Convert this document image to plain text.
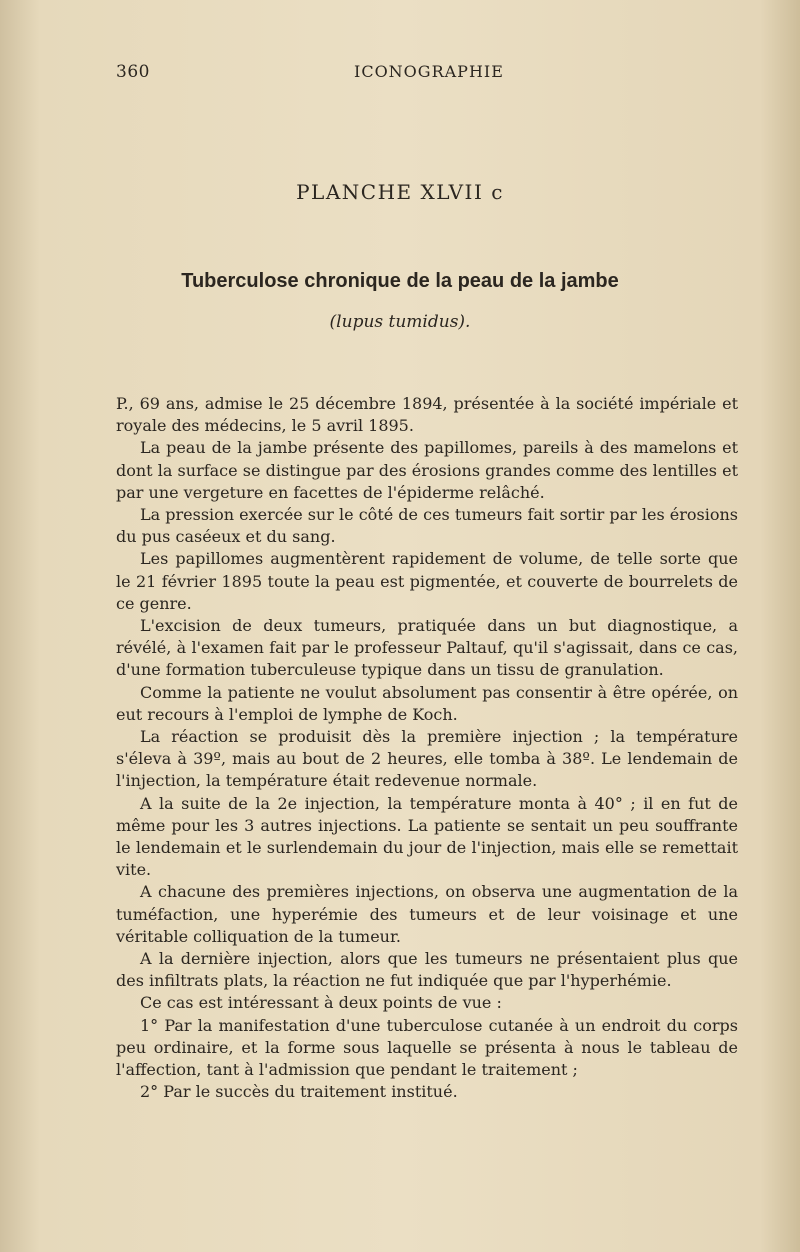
360	ICONOGRAPHIE
PLANCHE XLVII c
Tuberculose chronique de la peau de la jambe
(lupus tumidus).

P., 69 ans, admise le 25 décembre 1894, présentée à la société impériale et royale des médecins, le 5 avril 1895.

La peau de la jambe présente des papillomes, pareils à des mamelons et dont la surface se distingue par des érosions grandes comme des lentilles et par une vergeture en facettes de l'épiderme relâché.

La pression exercée sur le côté de ces tumeurs fait sortir par les érosions du pus caséeux et du sang.

Les papillomes augmentèrent rapidement de volume, de telle sorte que le 21 février 1895 toute la peau est pigmentée, et couverte de bourrelets de ce genre.

L'excision de deux tumeurs, pratiquée dans un but diagnostique, a révélé, à l'examen fait par le professeur Paltauf, qu'il s'agissait, dans ce cas, d'une formation tuberculeuse typique dans un tissu de granulation.

Comme la patiente ne voulut absolument pas consentir à être opérée, on eut recours à l'emploi de lymphe de Koch.

La réaction se produisit dès la première injection ; la température s'éleva à 39º, mais au bout de 2 heures, elle tomba à 38º. Le lendemain de l'injection, la température était redevenue normale.

A la suite de la 2e injection, la température monta à 40° ; il en fut de même pour les 3 autres injections. La patiente se sentait un peu souffrante le lendemain et le surlendemain du jour de l'injection, mais elle se remettait vite.

A chacune des premières injections, on observa une augmentation de la tuméfaction, une hyperémie des tumeurs et de leur voisinage et une véritable colliquation de la tumeur.

A la dernière injection, alors que les tumeurs ne présentaient plus que des infiltrats plats, la réaction ne fut indiquée que par l'hyperhémie.

Ce cas est intéressant à deux points de vue :

1° Par la manifestation d'une tuberculose cutanée à un endroit du corps peu ordinaire, et la forme sous laquelle se présenta à nous le tableau de l'affection, tant à l'admission que pendant le traitement ;

2° Par le succès du traitement institué.
